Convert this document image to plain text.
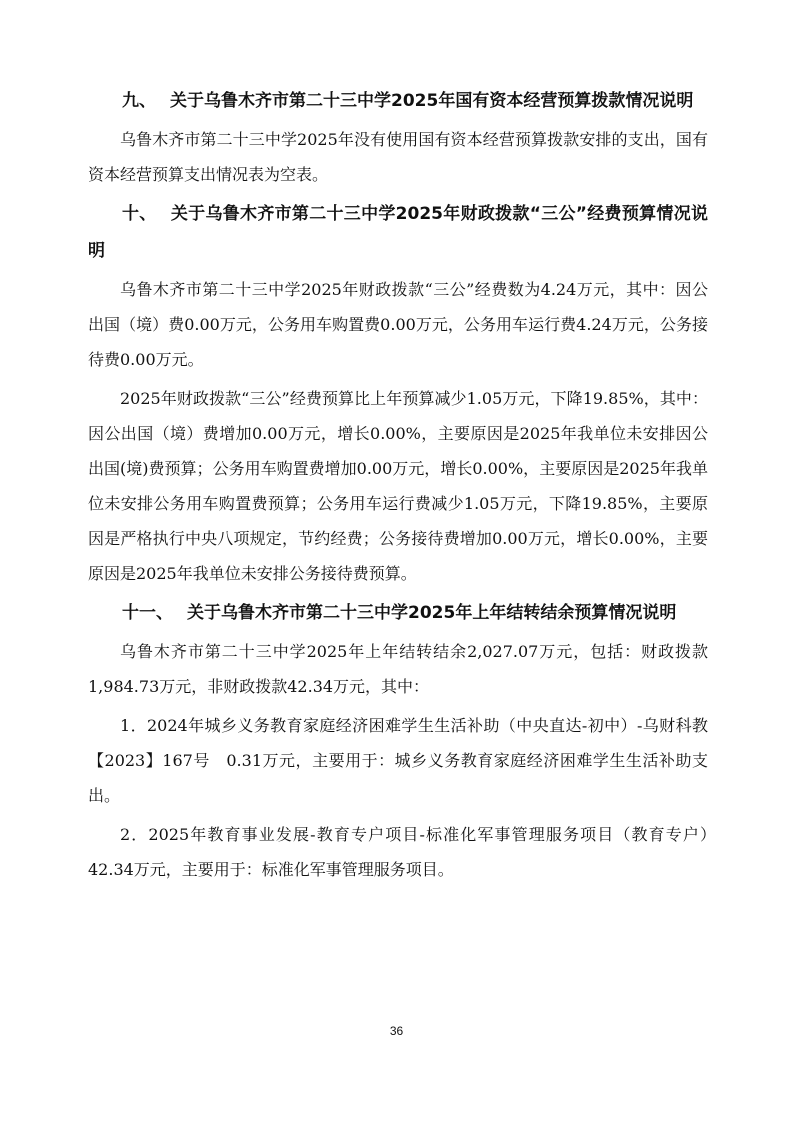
九、 关于乌鲁木齐市第二十三中学2025年国有资本经营预算拨款情况说明

乌鲁木齐市第二十三中学2025年没有使用国有资本经营预算拨款安排的支出，国有资本经营预算支出情况表为空表。

十、 关于乌鲁木齐市第二十三中学2025年财政拨款“三公”经费预算情况说明

乌鲁木齐市第二十三中学2025年财政拨款“三公”经费数为4.24万元，其中：因公出国（境）费0.00万元，公务用车购置费0.00万元，公务用车运行费4.24万元，公务接待费0.00万元。

2025年财政拨款“三公”经费预算比上年预算减少1.05万元，下降19.85%，其中：因公出国（境）费增加0.00万元，增长0.00%，主要原因是2025年我单位未安排因公出国(境)费预算；公务用车购置费增加0.00万元，增长0.00%，主要原因是2025年我单位未安排公务用车购置费预算；公务用车运行费减少1.05万元，下降19.85%，主要原因是严格执行中央八项规定，节约经费；公务接待费增加0.00万元，增长0.00%，主要原因是2025年我单位未安排公务接待费预算。

十一、 关于乌鲁木齐市第二十三中学2025年上年结转结余预算情况说明

乌鲁木齐市第二十三中学2025年上年结转结余2,027.07万元，包括：财政拨款1,984.73万元，非财政拨款42.34万元，其中：

1．2024年城乡义务教育家庭经济困难学生生活补助（中央直达-初中）-乌财科教【2023】167号　0.31万元，主要用于：城乡义务教育家庭经济困难学生生活补助支出。

2．2025年教育事业发展-教育专户项目-标准化军事管理服务项目（教育专户）　42.34万元，主要用于：标准化军事管理服务项目。

36
